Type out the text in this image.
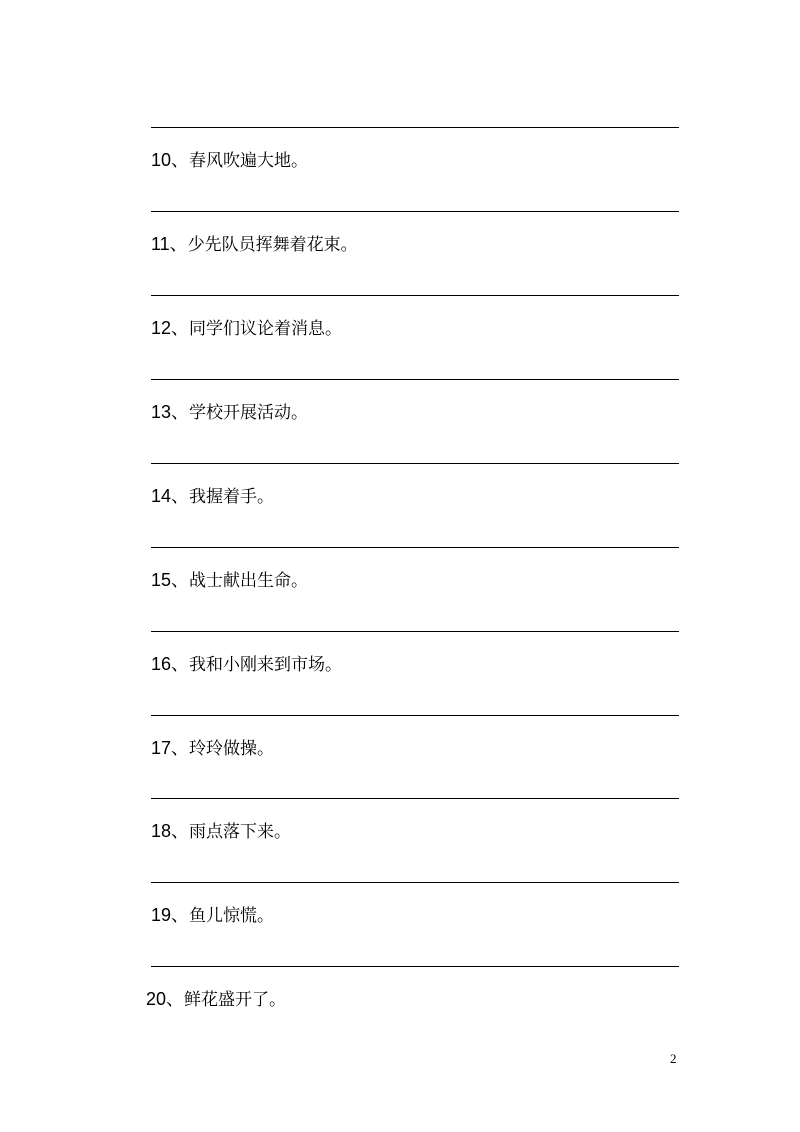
10、春风吹遍大地。
11、少先队员挥舞着花束。
12、同学们议论着消息。
13、学校开展活动。
14、我握着手。
15、战士献出生命。
16、我和小刚来到市场。
17、玲玲做操。
18、雨点落下来。
19、鱼儿惊慌。
20、鲜花盛开了。
2
